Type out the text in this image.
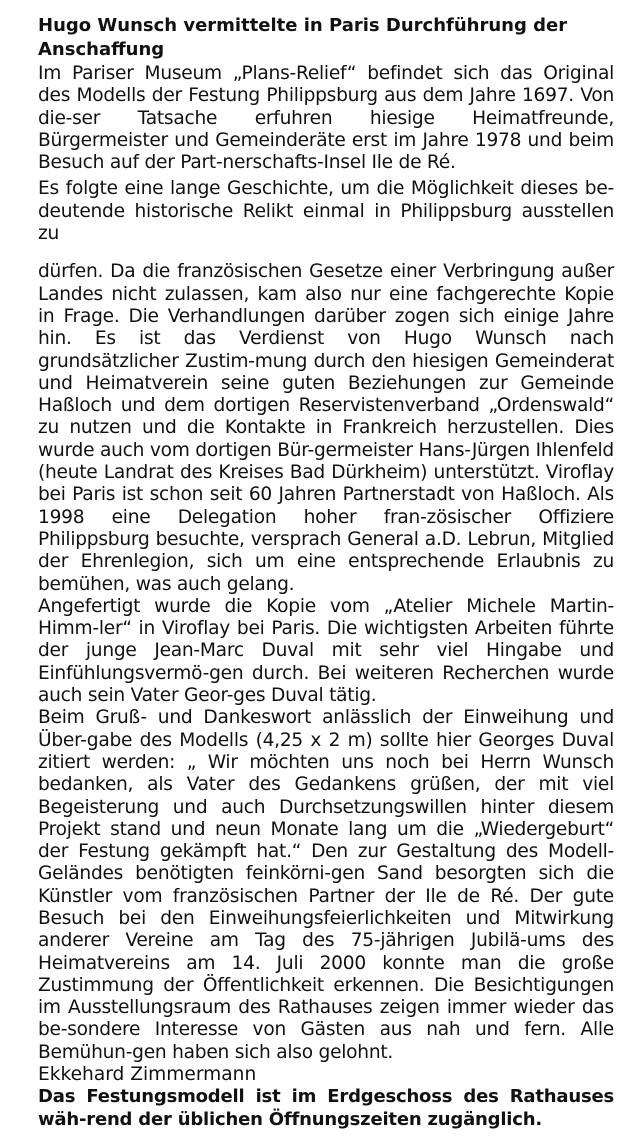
Hugo Wunsch vermittelte in Paris Durchführung der Anschaffung

Im Pariser Museum „Plans-Relief“ befindet sich das Original des Modells der Festung Philippsburg aus dem Jahre 1697. Von die-ser Tatsache erfuhren hiesige Heimatfreunde, Bürgermeister und Gemeinderäte erst im Jahre 1978 und beim Besuch auf der Part-nerschafts-Insel Ile de Ré.

Es folgte eine lange Geschichte, um die Möglichkeit dieses be-deutende historische Relikt einmal in Philippsburg ausstellen zu

dürfen. Da die französischen Gesetze einer Verbringung außer Landes nicht zulassen, kam also nur eine fachgerechte Kopie in Frage. Die Verhandlungen darüber zogen sich einige Jahre hin. Es ist das Verdienst von Hugo Wunsch nach grundsätzlicher Zustim-mung durch den hiesigen Gemeinderat und Heimatverein seine guten Beziehungen zur Gemeinde Haßloch und dem dortigen Reservistenverband „Ordenswald“ zu nutzen und die Kontakte in Frankreich herzustellen. Dies wurde auch vom dortigen Bür-germeister Hans-Jürgen Ihlenfeld (heute Landrat des Kreises Bad Dürkheim) unterstützt. Viroflay bei Paris ist schon seit 60 Jahren Partnerstadt von Haßloch. Als 1998 eine Delegation hoher fran-zösischer Offiziere Philippsburg besuchte, versprach General a.D. Lebrun, Mitglied der Ehrenlegion, sich um eine entsprechende Erlaubnis zu bemühen, was auch gelang.

Angefertigt wurde die Kopie vom „Atelier Michele Martin-Himm-ler“ in Viroflay bei Paris. Die wichtigsten Arbeiten führte der junge Jean-Marc Duval mit sehr viel Hingabe und Einfühlungsvermö-gen durch. Bei weiteren Recherchen wurde auch sein Vater Geor-ges Duval tätig.

Beim Gruß- und Dankeswort anlässlich der Einweihung und Über-gabe des Modells (4,25 x 2 m) sollte hier Georges Duval zitiert werden: „ Wir möchten uns noch bei Herrn Wunsch bedanken, als Vater des Gedankens grüßen, der mit viel Begeisterung und auch Durchsetzungswillen hinter diesem Projekt stand und neun Monate lang um die „Wiedergeburt“ der Festung gekämpft hat.“ Den zur Gestaltung des Modell-Geländes benötigten feinkörni-gen Sand besorgten sich die Künstler vom französischen Partner der Ile de Ré. Der gute Besuch bei den Einweihungsfeierlichkeiten und Mitwirkung anderer Vereine am Tag des 75-jährigen Jubilä-ums des Heimatvereins am 14. Juli 2000 konnte man die große Zustimmung der Öffentlichkeit erkennen. Die Besichtigungen im Ausstellungsraum des Rathauses zeigen immer wieder das be-sondere Interesse von Gästen aus nah und fern. Alle Bemühun-gen haben sich also gelohnt.

Ekkehard Zimmermann

Das Festungsmodell ist im Erdgeschoss des Rathauses wäh-rend der üblichen Öffnungszeiten zugänglich.
